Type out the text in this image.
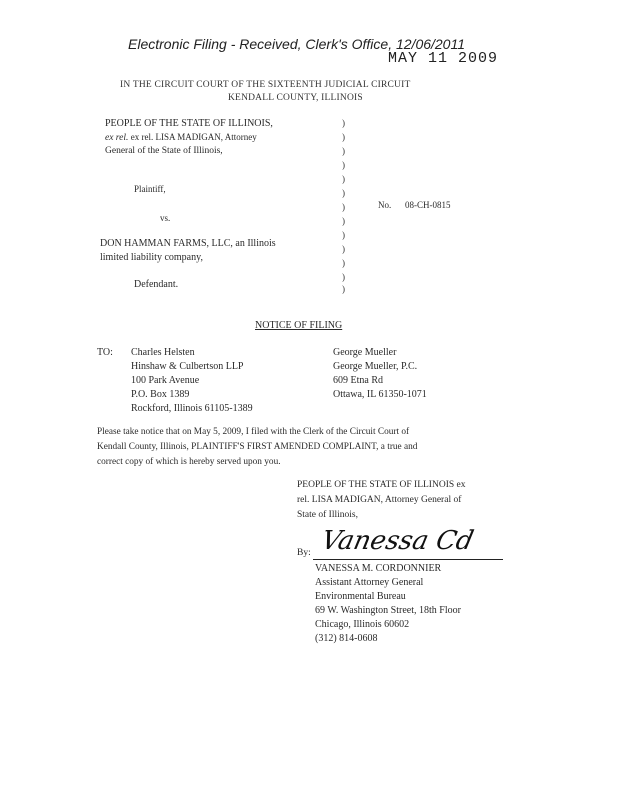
Electronic Filing - Received, Clerk's Office, 12/06/2011
MAY 11 2009
IN THE CIRCUIT COURT OF THE SIXTEENTH JUDICIAL CIRCUIT
KENDALL COUNTY, ILLINOIS
PEOPLE OF THE STATE OF ILLINOIS,
ex rel. ex rel. LISA MADIGAN, Attorney
General of the State of Illinois,
Plaintiff,
vs.
DON HAMMAN FARMS, LLC, an Illinois
limited liability company,
Defendant.
)
)
)
)
)
)
)
)
)
)
)
)
)
No. 08-CH-0815
NOTICE OF FILING
TO: Charles Helsten
Hinshaw & Culbertson LLP
100 Park Avenue
P.O. Box 1389
Rockford, Illinois 61105-1389
George Mueller
George Mueller, P.C.
609 Etna Rd
Ottawa, IL 61350-1071
Please take notice that on May 5, 2009, I filed with the Clerk of the Circuit Court of
Kendall County, Illinois, PLAINTIFF'S FIRST AMENDED COMPLAINT, a true and
correct copy of which is hereby served upon you.
PEOPLE OF THE STATE OF ILLINOIS ex
rel. LISA MADIGAN, Attorney General of
State of Illinois,
By: Vanessa Cd
VANESSA M. CORDONNIER
Assistant Attorney General
Environmental Bureau
69 W. Washington Street, 18th Floor
Chicago, Illinois 60602
(312) 814-0608
